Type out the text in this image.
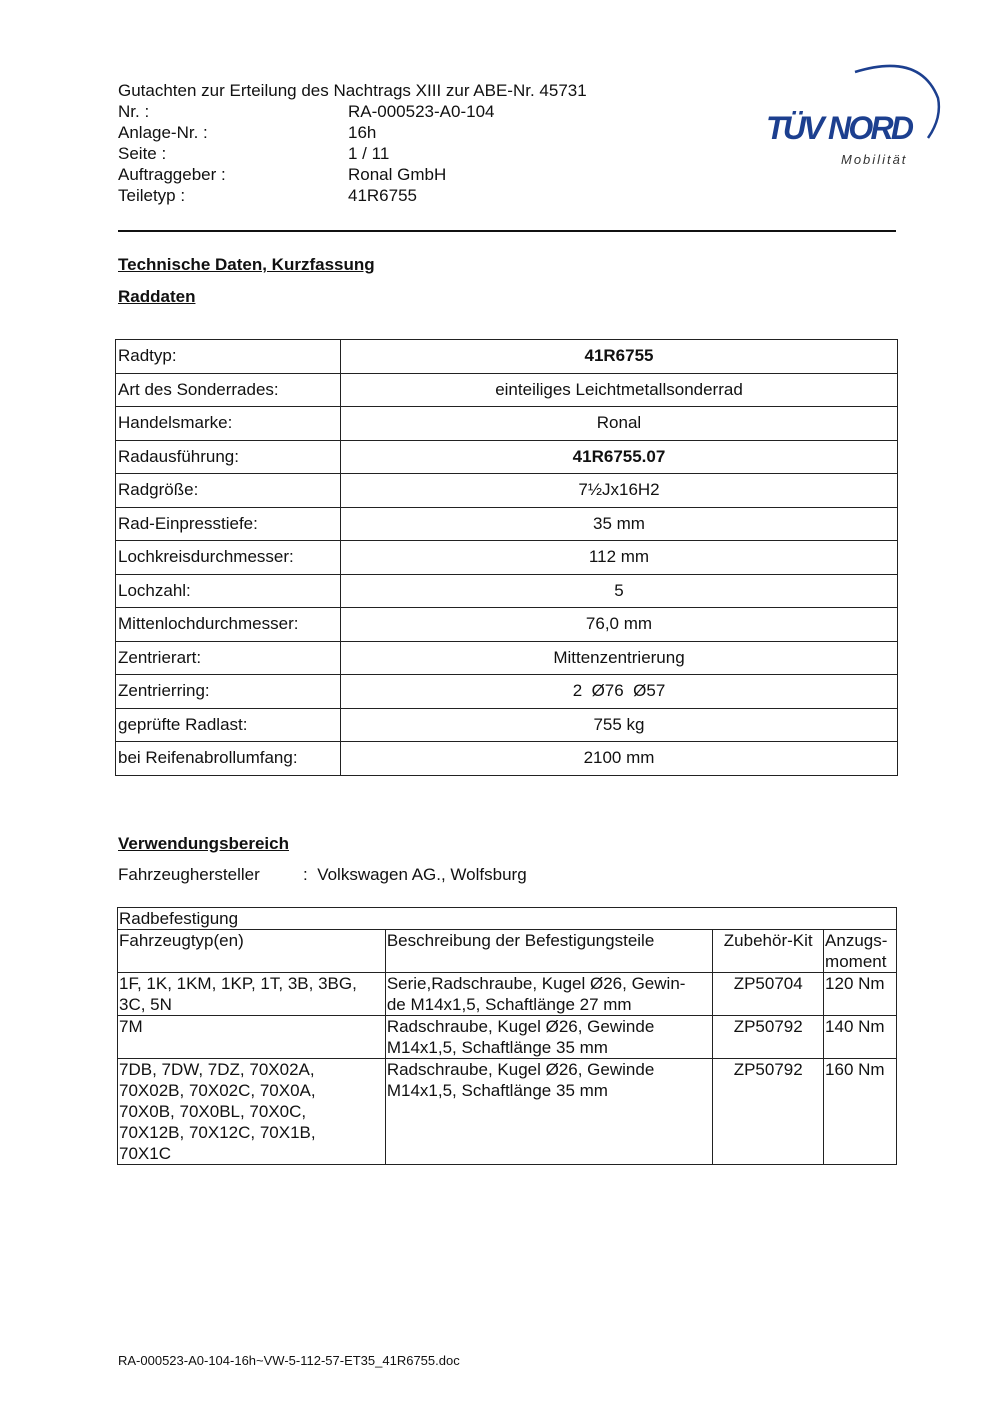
Gutachten zur Erteilung des Nachtrags XIII zur ABE-Nr. 45731
Nr. :	RA-000523-A0-104
Anlage-Nr. :	16h
Seite :	1 / 11
Auftraggeber :	Ronal GmbH
Teiletyp :	41R6755
TÜV NORD
Mobilität
Technische Daten, Kurzfassung
Raddaten
Radtyp:	41R6755
Art des Sonderrades:	einteiliges Leichtmetallsonderrad
Handelsmarke:	Ronal
Radausführung:	41R6755.07
Radgröße:	7½Jx16H2
Rad-Einpresstiefe:	35 mm
Lochkreisdurchmesser:	112 mm
Lochzahl:	5
Mittenlochdurchmesser:	76,0 mm
Zentrierart:	Mittenzentrierung
Zentrierring:	2  Ø76  Ø57
geprüfte Radlast:	755 kg
bei Reifenabrollumfang:	2100 mm
Verwendungsbereich
Fahrzeughersteller	: Volkswagen AG., Wolfsburg
Radbefestigung			
Fahrzeugtyp(en)	Beschreibung der Befestigungsteile	Zubehör-Kit	Anzugs-
moment
1F, 1K, 1KM, 1KP, 1T, 3B, 3BG,
3C, 5N	Serie,Radschraube, Kugel Ø26, Gewin-
de M14x1,5, Schaftlänge 27 mm	ZP50704	120 Nm
7M	Radschraube, Kugel Ø26, Gewinde
M14x1,5, Schaftlänge 35 mm	ZP50792	140 Nm
7DB, 7DW, 7DZ, 70X02A,
70X02B, 70X02C, 70X0A,
70X0B, 70X0BL, 70X0C,
70X12B, 70X12C, 70X1B,
70X1C	Radschraube, Kugel Ø26, Gewinde
M14x1,5, Schaftlänge 35 mm	ZP50792	160 Nm
RA-000523-A0-104-16h~VW-5-112-57-ET35_41R6755.doc
